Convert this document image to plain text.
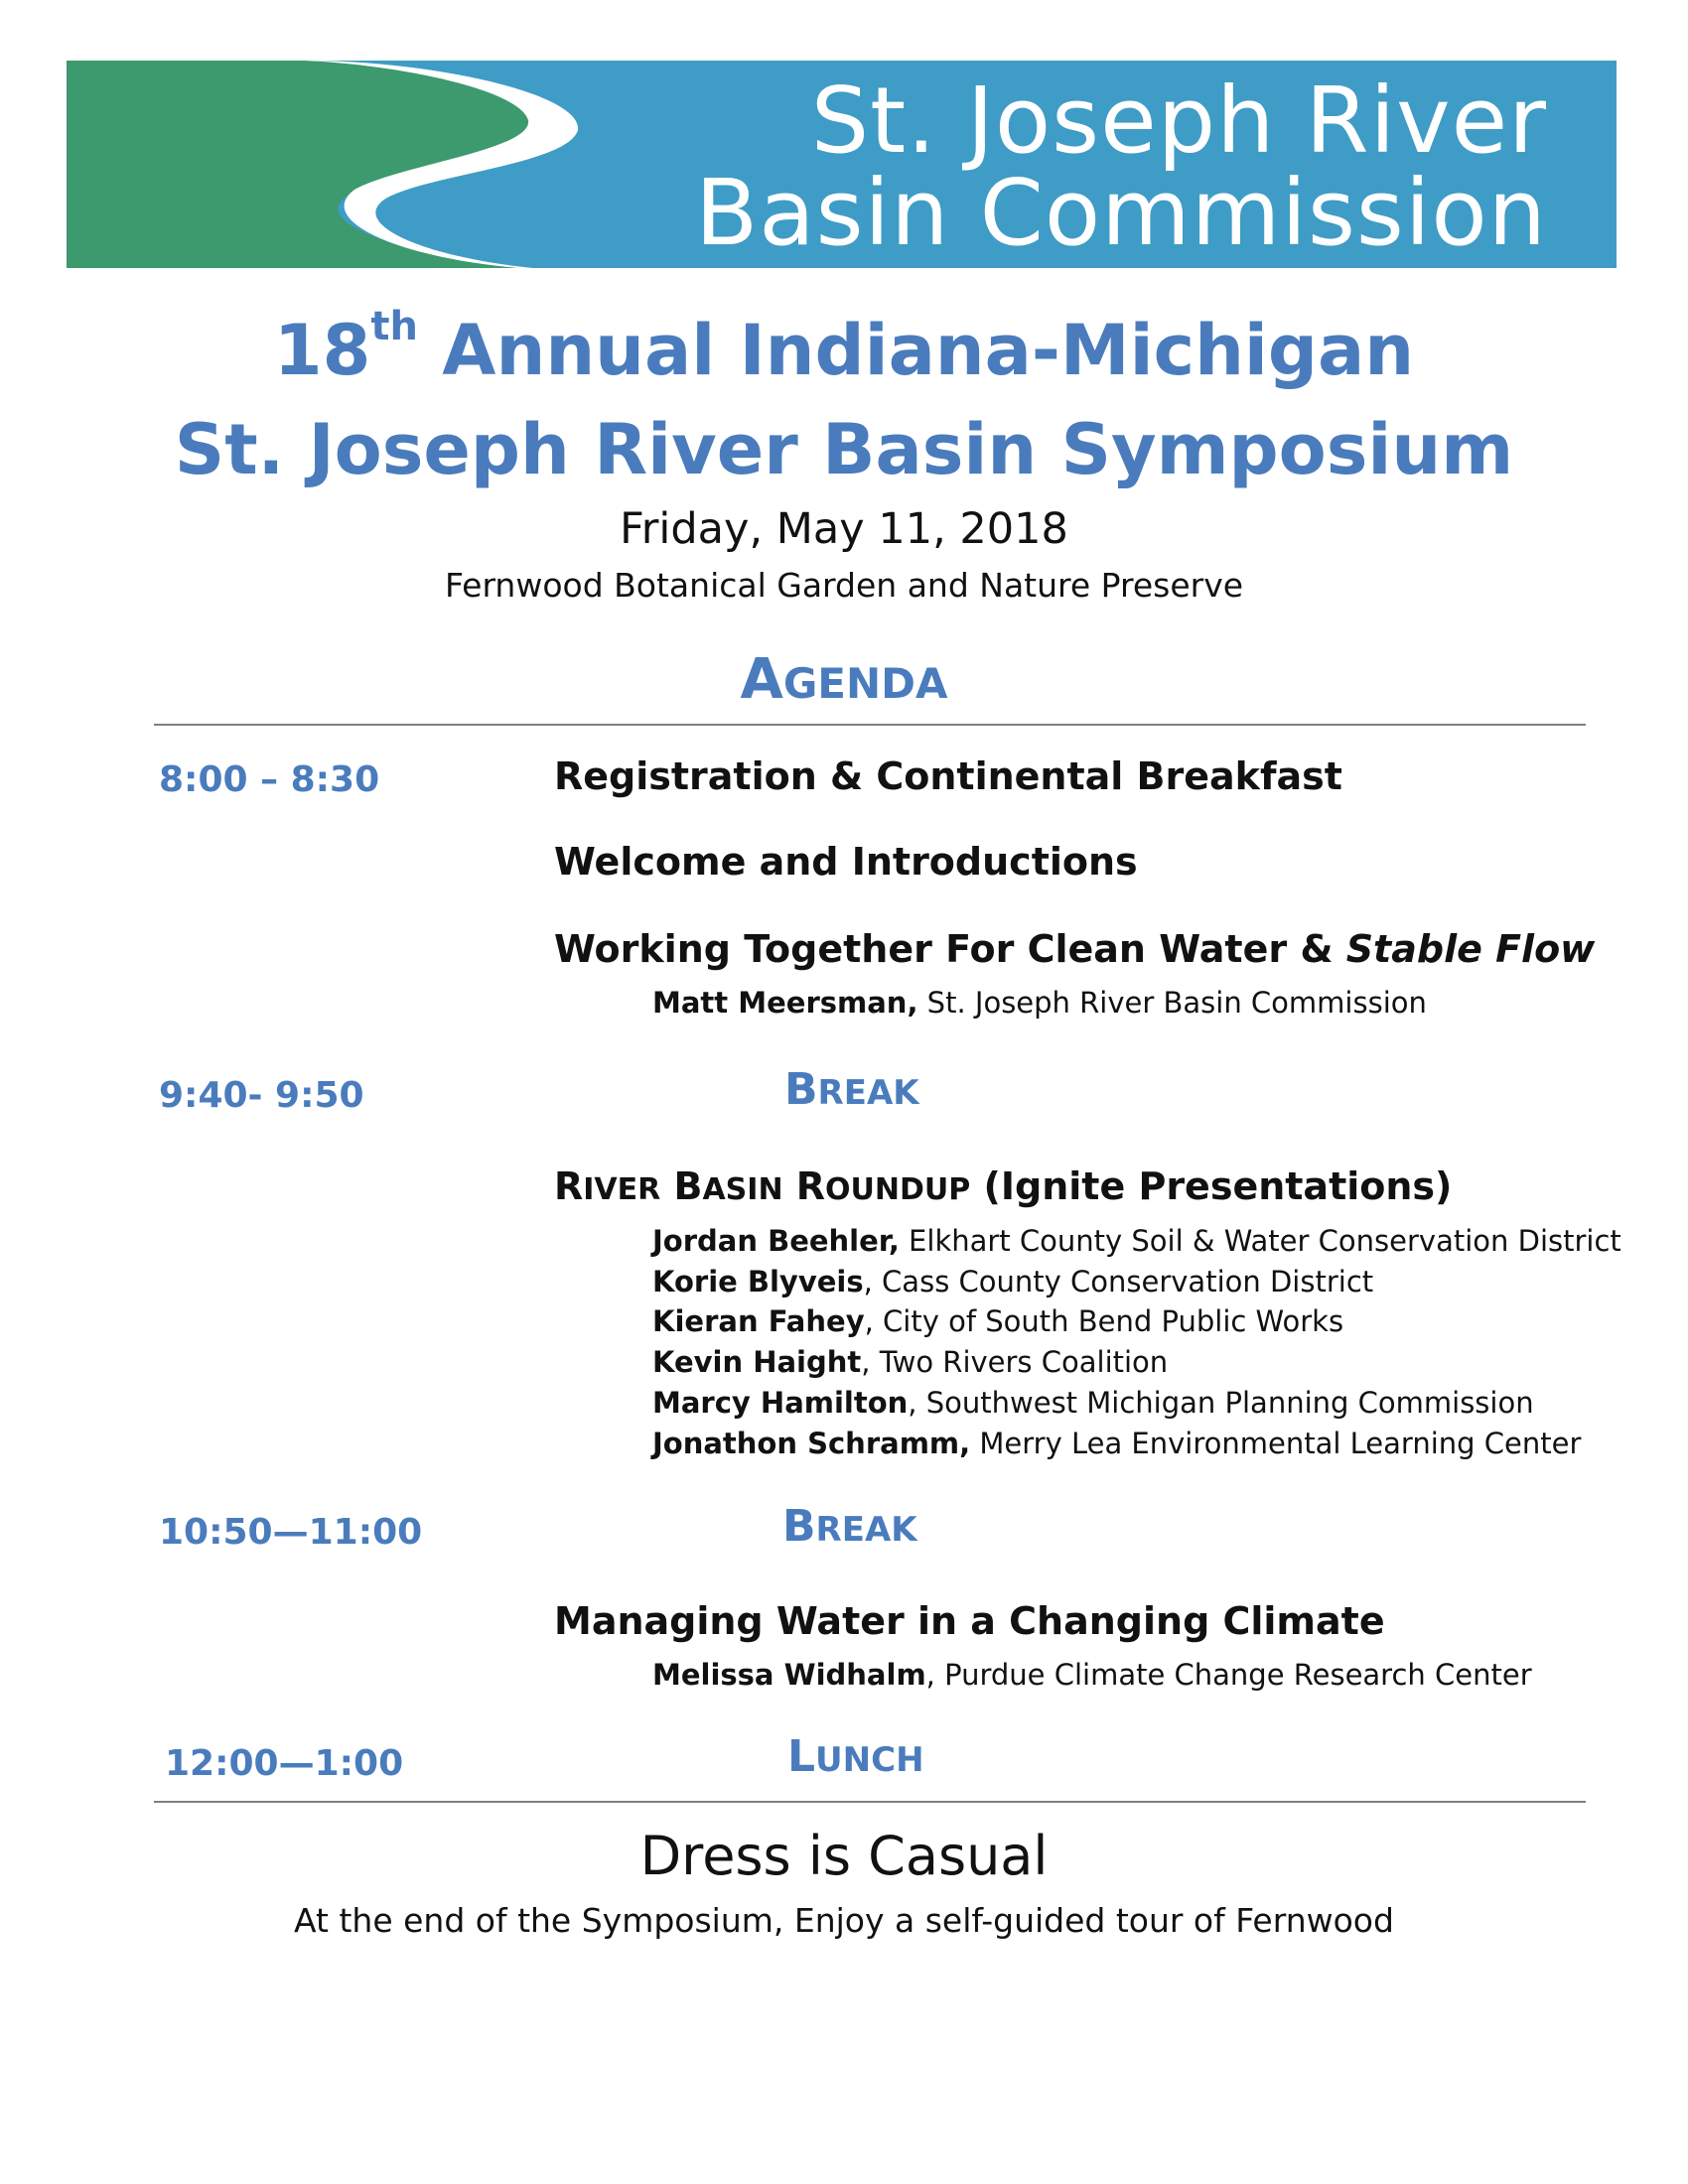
St. Joseph River
Basin Commission
18th Annual Indiana-Michigan
St. Joseph River Basin Symposium
Friday, May 11, 2018
Fernwood Botanical Garden and Nature Preserve
AGENDA
8:00 – 8:30	Registration & Continental Breakfast
Welcome and Introductions
Working Together For Clean Water & Stable Flow
Matt Meersman, St. Joseph River Basin Commission
9:40- 9:50	BREAK
RIVER BASIN ROUNDUP (Ignite Presentations)
Jordan Beehler, Elkhart County Soil & Water Conservation District
Korie Blyveis, Cass County Conservation District
Kieran Fahey, City of South Bend Public Works
Kevin Haight, Two Rivers Coalition
Marcy Hamilton, Southwest Michigan Planning Commission
Jonathon Schramm, Merry Lea Environmental Learning Center
10:50—11:00	BREAK
Managing Water in a Changing Climate
Melissa Widhalm, Purdue Climate Change Research Center
12:00—1:00	LUNCH
Dress is Casual
At the end of the Symposium, Enjoy a self-guided tour of Fernwood
